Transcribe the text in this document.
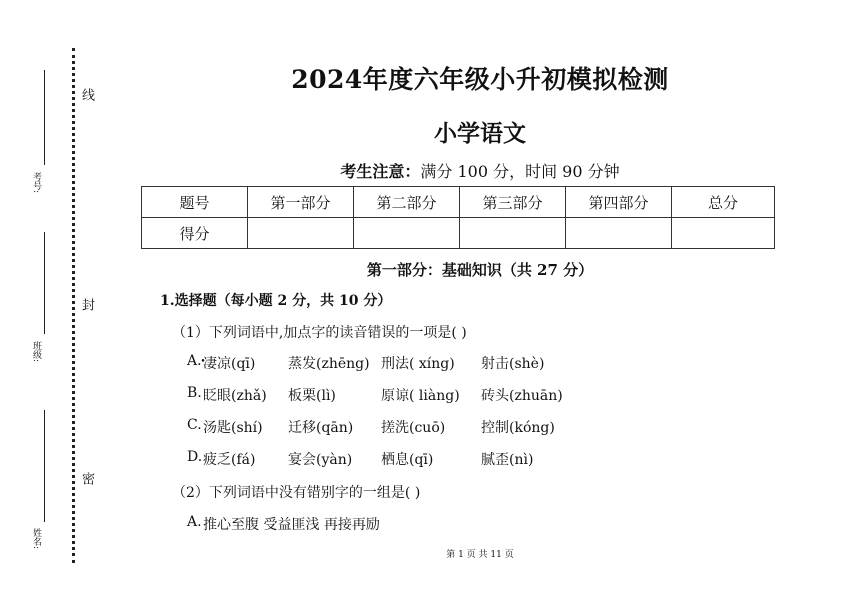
线
封
密
考号:
班级:
姓名:
2024年度六年级小升初模拟检测
小学语文
考生注意：满分 100 分，时间 90 分钟
题号	第一部分	第二部分	第三部分	第四部分	总分
得分					
第一部分：基础知识（共 27 分）
1.选择题（每小题 2 分，共 10 分）
（1）下列词语中,加点字的读音错误的一项是( )
A. 凄凉(qī) 蒸发(zhēng) 刑法( xíng) 射击(shè)
B. 眨眼(zhǎ) 板栗(lì)	原谅( liàng) 砖头(zhuān)
C. 汤匙(shí) 迁移(qān) 搓洗(cuō)	控制(kóng)
D. 疲乏(fá) 宴会(yàn) 栖息(qī)	腻歪(nì)
（2）下列词语中没有错别字的一组是( )
A. 推心至腹 受益匪浅 再接再励
第 1 页 共 11 页
